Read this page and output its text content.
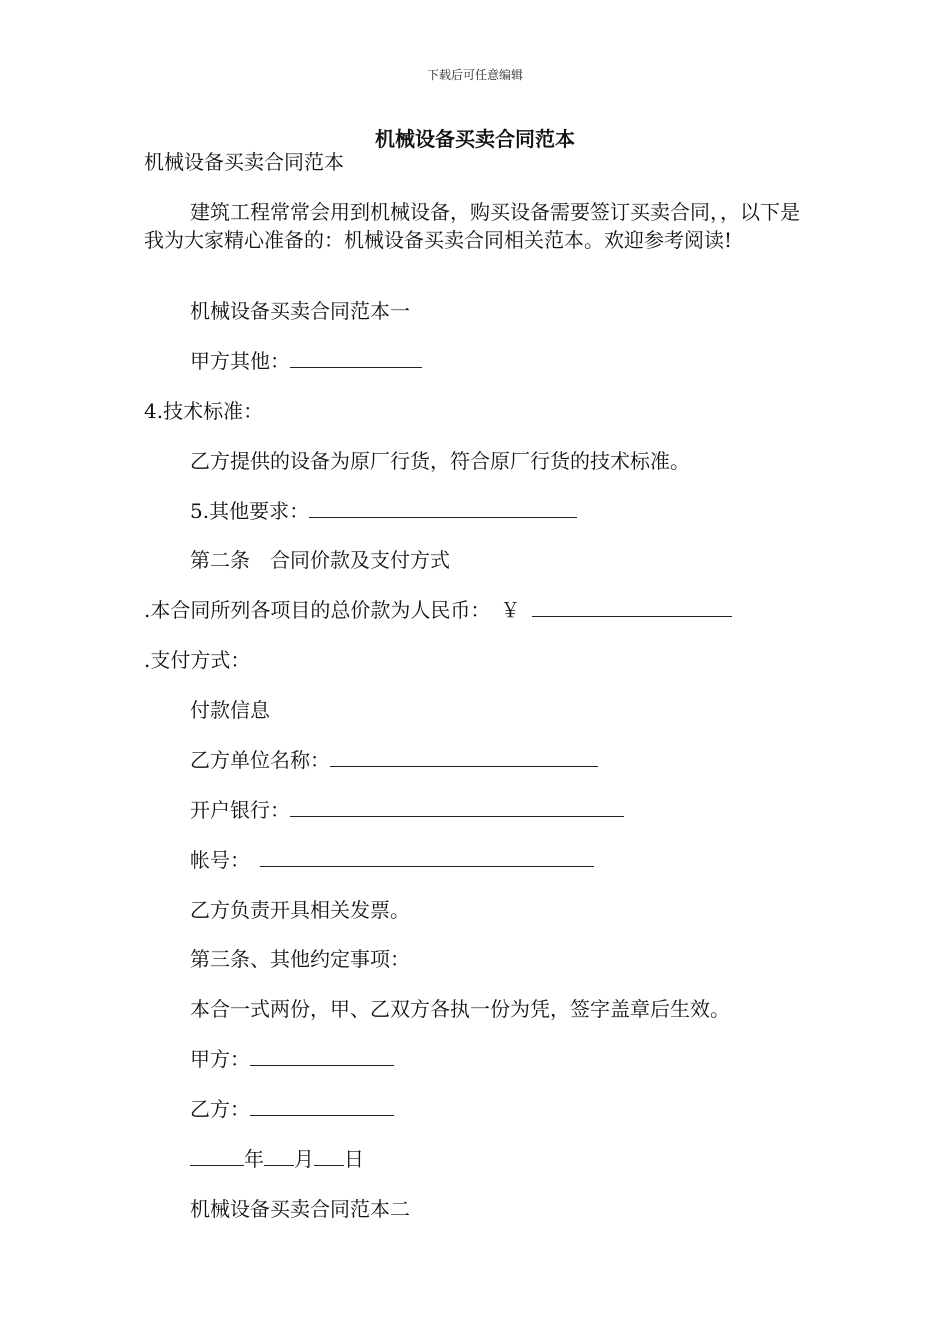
下载后可任意编辑
机械设备买卖合同范本
机械设备买卖合同范本
建筑工程常常会用到机械设备，购买设备需要签订买卖合同，，以下是我为大家精心准备的：机械设备买卖合同相关范本。欢迎参考阅读!
机械设备买卖合同范本一
甲方其他：
4.技术标准：
乙方提供的设备为原厂行货，符合原厂行货的技术标准。
5.其他要求：
第二条　合同价款及支付方式
.本合同所列各项目的总价款为人民币：　￥
.支付方式：
付款信息
乙方单位名称：
开户银行：
帐号：
乙方负责开具相关发票。
第三条、其他约定事项：
本合一式两份，甲、乙双方各执一份为凭，签字盖章后生效。
甲方：
乙方：
年 月 日
机械设备买卖合同范本二
